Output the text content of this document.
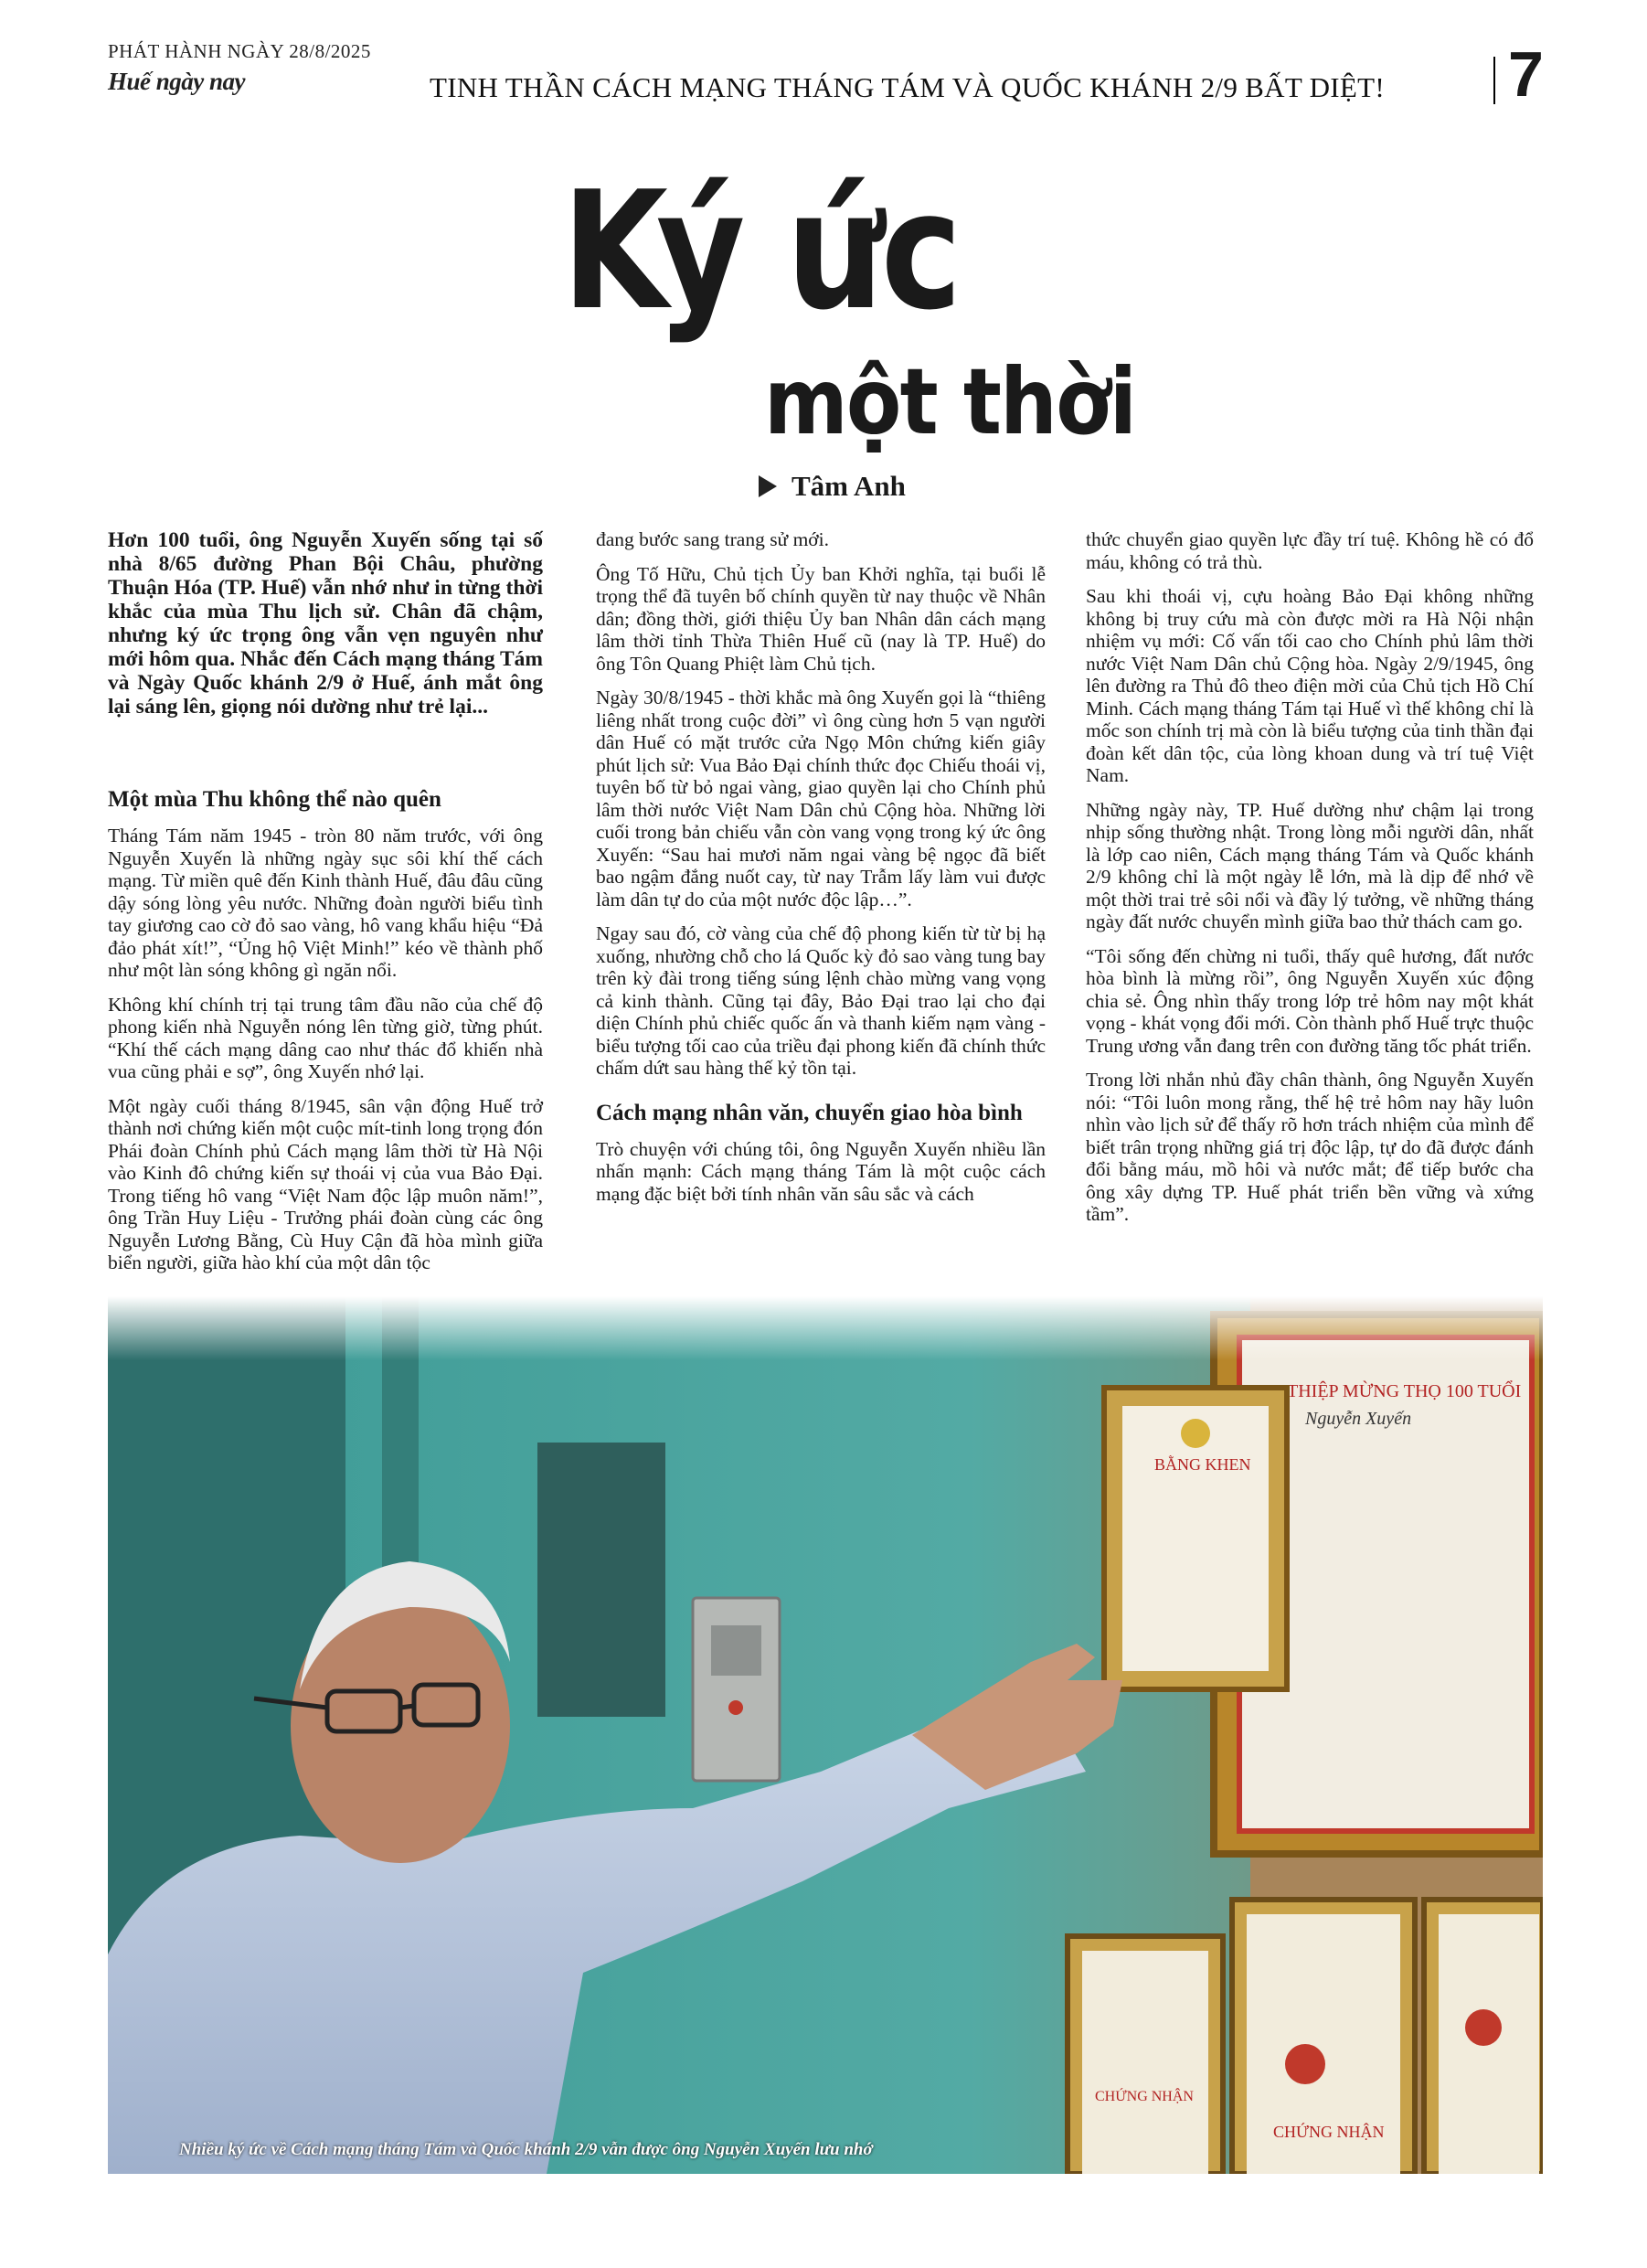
PHÁT HÀNH NGÀY 28/8/2025
Huế ngày nay	TINH THẦN CÁCH MẠNG THÁNG TÁM VÀ QUỐC KHÁNH 2/9 BẤT DIỆT! 7
Ký ức
một thời
Tâm Anh

Hơn 100 tuổi, ông Nguyễn Xuyến sống tại số nhà 8/65 đường Phan Bội Châu, phường Thuận Hóa (TP. Huế) vẫn nhớ như in từng thời khắc của mùa Thu lịch sử. Chân đã chậm, nhưng ký ức trọng ông vẫn vẹn nguyên như mới hôm qua. Nhắc đến Cách mạng tháng Tám và Ngày Quốc khánh 2/9 ở Huế, ánh mắt ông lại sáng lên, giọng nói dường như trẻ lại...

Một mùa Thu không thể nào quên

Tháng Tám năm 1945 - tròn 80 năm trước, với ông Nguyễn Xuyến là những ngày sục sôi khí thế cách mạng. Từ miền quê đến Kinh thành Huế, đâu đâu cũng dậy sóng lòng yêu nước. Những đoàn người biểu tình tay giương cao cờ đỏ sao vàng, hô vang khẩu hiệu “Đả đảo phát xít!”, “Ủng hộ Việt Minh!” kéo về thành phố như một làn sóng không gì ngăn nổi.

Không khí chính trị tại trung tâm đầu não của chế độ phong kiến nhà Nguyễn nóng lên từng giờ, từng phút. “Khí thế cách mạng dâng cao như thác đổ khiến nhà vua cũng phải e sợ”, ông Xuyến nhớ lại.

Một ngày cuối tháng 8/1945, sân vận động Huế trở thành nơi chứng kiến một cuộc mít-tinh long trọng đón Phái đoàn Chính phủ Cách mạng lâm thời từ Hà Nội vào Kinh đô chứng kiến sự thoái vị của vua Bảo Đại. Trong tiếng hô vang “Việt Nam độc lập muôn năm!”, ông Trần Huy Liệu - Trưởng phái đoàn cùng các ông Nguyễn Lương Bằng, Cù Huy Cận đã hòa mình giữa biển người, giữa hào khí của một dân tộc

đang bước sang trang sử mới.

Ông Tố Hữu, Chủ tịch Ủy ban Khởi nghĩa, tại buổi lễ trọng thể đã tuyên bố chính quyền từ nay thuộc về Nhân dân; đồng thời, giới thiệu Ủy ban Nhân dân cách mạng lâm thời tỉnh Thừa Thiên Huế cũ (nay là TP. Huế) do ông Tôn Quang Phiệt làm Chủ tịch.

Ngày 30/8/1945 - thời khắc mà ông Xuyến gọi là “thiêng liêng nhất trong cuộc đời” vì ông cùng hơn 5 vạn người dân Huế có mặt trước cửa Ngọ Môn chứng kiến giây phút lịch sử: Vua Bảo Đại chính thức đọc Chiếu thoái vị, tuyên bố từ bỏ ngai vàng, giao quyền lại cho Chính phủ lâm thời nước Việt Nam Dân chủ Cộng hòa. Những lời cuối trong bản chiếu vẫn còn vang vọng trong ký ức ông Xuyến: “Sau hai mươi năm ngai vàng bệ ngọc đã biết bao ngậm đắng nuốt cay, từ nay Trẫm lấy làm vui được làm dân tự do của một nước độc lập…”.

Ngay sau đó, cờ vàng của chế độ phong kiến từ từ bị hạ xuống, nhường chỗ cho lá Quốc kỳ đỏ sao vàng tung bay trên kỳ đài trong tiếng súng lệnh chào mừng vang vọng cả kinh thành. Cũng tại đây, Bảo Đại trao lại cho đại diện Chính phủ chiếc quốc ấn và thanh kiếm nạm vàng - biểu tượng tối cao của triều đại phong kiến đã chính thức chấm dứt sau hàng thế kỷ tồn tại.

Cách mạng nhân văn, chuyển giao hòa bình

Trò chuyện với chúng tôi, ông Nguyễn Xuyến nhiều lần nhấn mạnh: Cách mạng tháng Tám là một cuộc cách mạng đặc biệt bởi tính nhân văn sâu sắc và cách

thức chuyển giao quyền lực đầy trí tuệ. Không hề có đổ máu, không có trả thù.

Sau khi thoái vị, cựu hoàng Bảo Đại không những không bị truy cứu mà còn được mời ra Hà Nội nhận nhiệm vụ mới: Cố vấn tối cao cho Chính phủ lâm thời nước Việt Nam Dân chủ Cộng hòa. Ngày 2/9/1945, ông lên đường ra Thủ đô theo điện mời của Chủ tịch Hồ Chí Minh. Cách mạng tháng Tám tại Huế vì thế không chỉ là mốc son chính trị mà còn là biểu tượng của tinh thần đại đoàn kết dân tộc, của lòng khoan dung và trí tuệ Việt Nam.

Những ngày này, TP. Huế dường như chậm lại trong nhịp sống thường nhật. Trong lòng mỗi người dân, nhất là lớp cao niên, Cách mạng tháng Tám và Quốc khánh 2/9 không chỉ là một ngày lễ lớn, mà là dịp để nhớ về một thời trai trẻ sôi nổi và đầy lý tưởng, về những tháng ngày đất nước chuyển mình giữa bao thử thách cam go.

“Tôi sống đến chừng ni tuổi, thấy quê hương, đất nước hòa bình là mừng rồi”, ông Nguyễn Xuyến xúc động chia sẻ. Ông nhìn thấy trong lớp trẻ hôm nay một khát vọng - khát vọng đổi mới. Còn thành phố Huế trực thuộc Trung ương vẫn đang trên con đường tăng tốc phát triển.

Trong lời nhắn nhủ đầy chân thành, ông Nguyễn Xuyến nói: “Tôi luôn mong rằng, thế hệ trẻ hôm nay hãy luôn nhìn vào lịch sử để thấy rõ hơn trách nhiệm của mình để biết trân trọng những giá trị độc lập, tự do đã được đánh đổi bằng máu, mồ hôi và nước mắt; để tiếp bước cha ông xây dựng TP. Huế phát triển bền vững và xứng tầm”.

THIỆP MỪNG THỌ 100 TUỔI
Nguyễn Xuyến
BẰNG KHEN
CHỨNG NHẬN
CHỨNG NHẬN
Nhiều ký ức về Cách mạng tháng Tám và Quốc khánh 2/9 vẫn được ông Nguyễn Xuyến lưu nhớ
